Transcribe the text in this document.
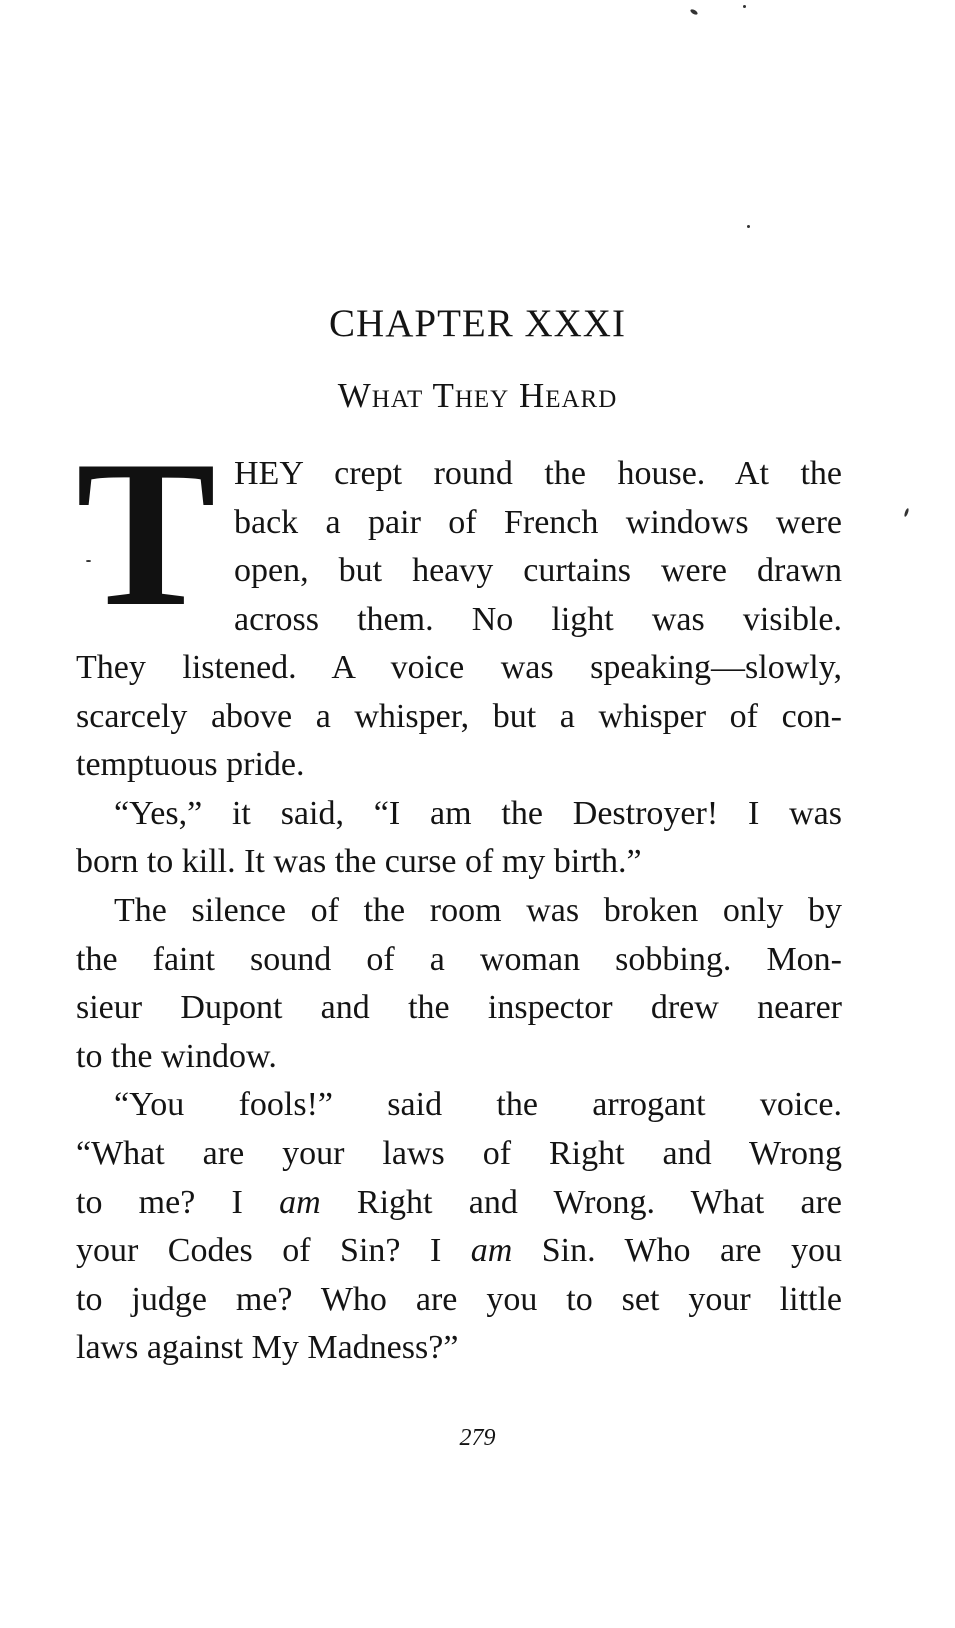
CHAPTER XXXI
What They Heard
T HEY crept round the house. At the
back a pair of French windows were
open, but heavy curtains were drawn
across them. No light was visible.
They listened. A voice was speaking—slowly,
scarcely above a whisper, but a whisper of con-
temptuous pride.
“Yes,” it said, “I am the Destroyer! I was
born to kill. It was the curse of my birth.”
The silence of the room was broken only by
the faint sound of a woman sobbing. Mon-
sieur Dupont and the inspector drew nearer
to the window.
“You fools!” said the arrogant voice.
“What are your laws of Right and Wrong
to me? I am Right and Wrong. What are
your Codes of Sin? I am Sin. Who are you
to judge me? Who are you to set your little
laws against My Madness?”
279
